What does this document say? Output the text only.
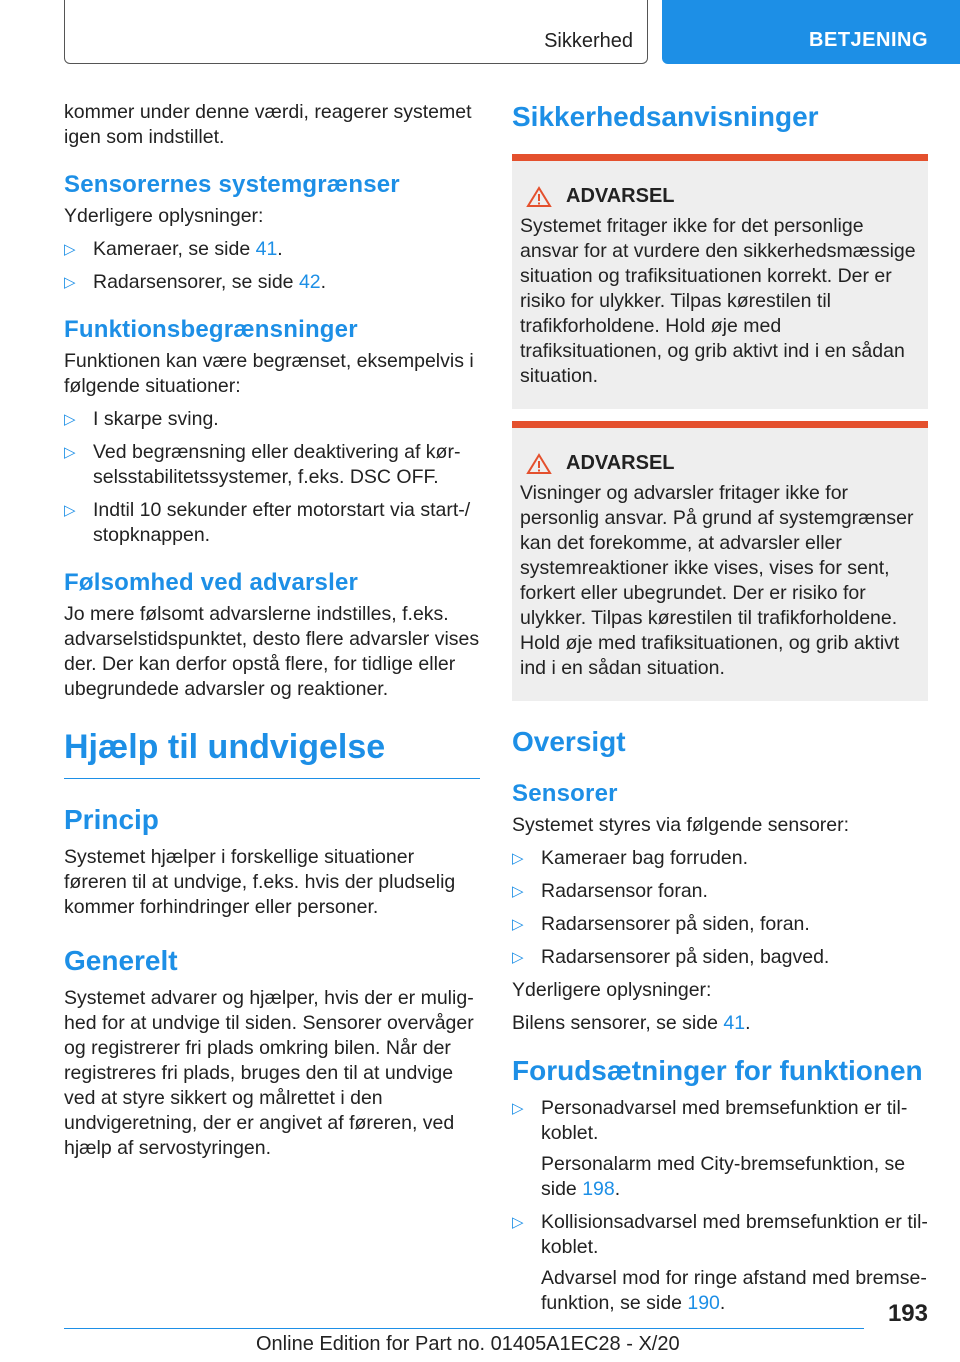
Sikkerhed	BETJENING

kommer under denne værdi, reagerer systemet igen som indstillet.

Sensorernes systemgrænser

Yderligere oplysninger:

▷ Kameraer, se side 41.
▷ Radarsensorer, se side 42.
Funktionsbegrænsninger

Funktionen kan være begrænset, eksempelvis i følgende situationer:

▷ I skarpe sving.
▷ Ved begrænsning eller deaktivering af kørselsstabilitetssystemer, f.eks. DSC OFF.
▷ Indtil 10 sekunder efter motorstart via start-/ stopknappen.
Følsomhed ved advarsler

Jo mere følsomt advarslerne indstilles, f.eks. advarselstidspunktet, desto flere advarsler vises der. Der kan derfor opstå flere, for tidlige eller ubegrundede advarsler og reaktioner.

Hjælp til undvigelse
Princip

Systemet hjælper i forskellige situationer føreren til at undvige, f.eks. hvis der pludselig kommer forhindringer eller personer.

Generelt

Systemet advarer og hjælper, hvis der er mulighed for at undvige til siden. Sensorer overvåger og registrerer fri plads omkring bilen. Når der registreres fri plads, bruges den til at undvige ved at styre sikkert og målrettet i den undvigeretning, der er angivet af føreren, ved hjælp af servostyringen.

Sikkerhedsanvisninger
ADVARSEL

Systemet fritager ikke for det personlige ansvar for at vurdere den sikkerhedsmæssige situation og trafiksituationen korrekt. Der er risiko for ulykker. Tilpas kørestilen til trafikforholdene. Hold øje med trafiksituationen, og grib aktivt ind i en sådan situation.

ADVARSEL

Visninger og advarsler fritager ikke for personlig ansvar. På grund af systemgrænser kan det forekomme, at advarsler eller systemreaktioner ikke vises, vises for sent, forkert eller ubegrundet. Der er risiko for ulykker. Tilpas kørestilen til trafikforholdene. Hold øje med trafiksituationen, og grib aktivt ind i en sådan situation.

Oversigt
Sensorer

Systemet styres via følgende sensorer:

▷ Kameraer bag forruden.
▷ Radarsensor foran.
▷ Radarsensorer på siden, foran.
▷ Radarsensorer på siden, bagved.

Yderligere oplysninger:

Bilens sensorer, se side 41.

Forudsætninger for funktionen
▷ Personadvarsel med bremsefunktion er tilkoblet.
Personalarm med City-bremsefunktion, se side 198.
▷ Kollisionsadvarsel med bremsefunktion er tilkoblet.
Advarsel mod for ringe afstand med bremsefunktion, se side 190.	193
Online Edition for Part no. 01405A1EC28 - X/20
